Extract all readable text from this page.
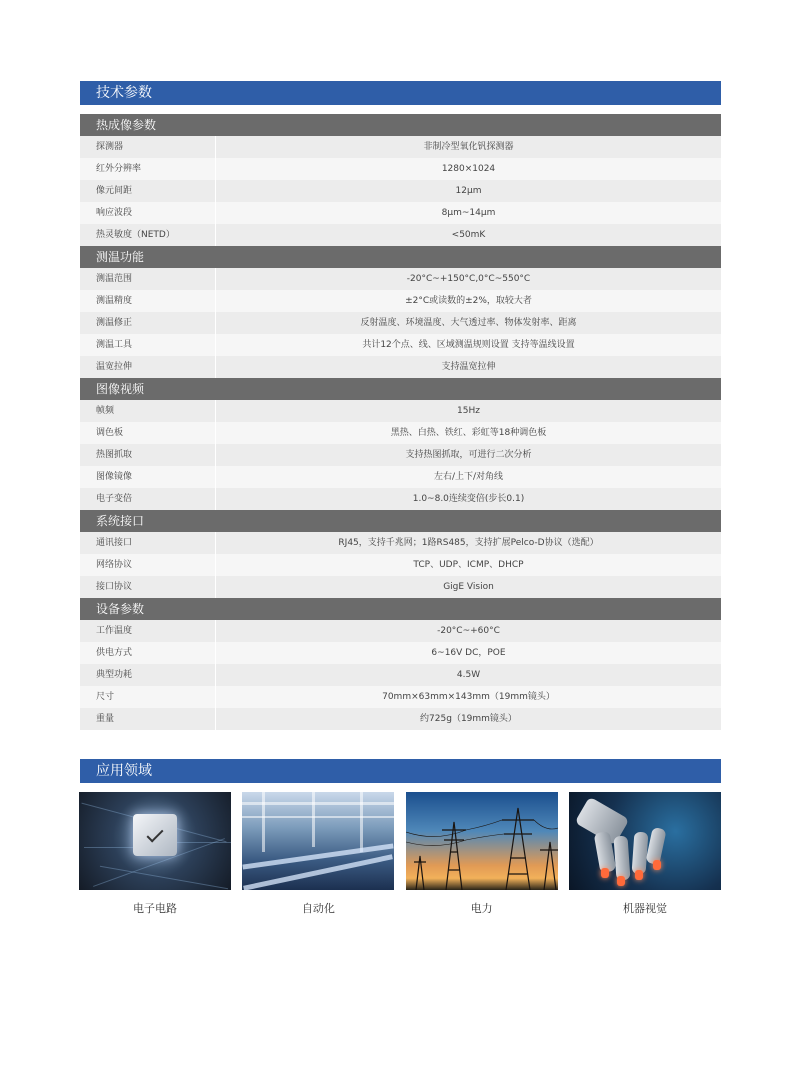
技术参数
热成像参数
探测器	非制冷型氧化钒探测器
红外分辨率	1280×1024
像元间距	12μm
响应波段	8μm~14μm
热灵敏度（NETD）	<50mK
测温功能
测温范围	-20°C~+150°C,0°C~550°C
测温精度	±2°C或读数的±2%，取较大者
测温修正	反射温度、环境温度、大气透过率、物体发射率、距离
测温工具	共计12个点、线、区域测温规则设置 支持等温线设置
温宽拉伸	支持温宽拉伸
图像视频
帧频	15Hz
调色板	黑热、白热、铁红、彩虹等18种调色板
热图抓取	支持热图抓取，可进行二次分析
图像镜像	左右/上下/对角线
电子变倍	1.0~8.0连续变倍(步长0.1)
系统接口
通讯接口	RJ45，支持千兆网；1路RS485，支持扩展Pelco-D协议（选配）
网络协议	TCP、UDP、ICMP、DHCP
接口协议	GigE Vision
设备参数
工作温度	-20°C~+60°C
供电方式	6~16V DC，POE
典型功耗	4.5W
尺寸	70mm×63mm×143mm（19mm镜头）
重量	约725g（19mm镜头）
应用领域
电子电路	自动化	电力	机器视觉
